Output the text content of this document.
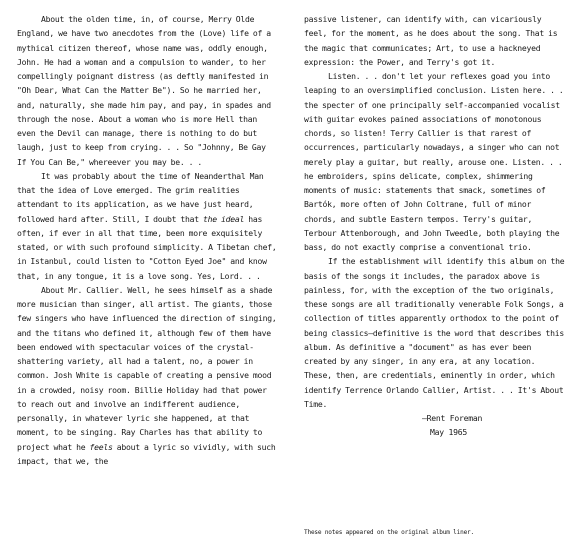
About the olden time, in, of course, Merry Olde England, we have two anecdotes from the (Love) life of a mythical citizen thereof, whose name was, oddly enough, John. He had a woman and a compulsion to wander, to her compellingly poignant distress (as deftly manifested in "Oh Dear, What Can the Matter Be"). So he married her, and, naturally, she made him pay, and pay, in spades and through the nose. About a woman who is more Hell than even the Devil can manage, there is nothing to do but laugh, just to keep from crying. . . So "Johnny, Be Gay If You Can Be," whereever you may be. . .

It was probably about the time of Neanderthal Man that the idea of Love emerged. The grim realities attendant to its application, as we have just heard, followed hard after. Still, I doubt that the ideal has often, if ever in all that time, been more exquisitely stated, or with such profound simplicity. A Tibetan chef, in Istanbul, could listen to "Cotton Eyed Joe" and know that, in any tongue, it is a love song. Yes, Lord. . .

About Mr. Callier. Well, he sees himself as a shade more musician than singer, all artist. The giants, those few singers who have influenced the direction of singing, and the titans who defined it, although few of them have been endowed with spectacular voices of the crystal-shattering variety, all had a talent, no, a power in common. Josh White is capable of creating a pensive mood in a crowded, noisy room. Billie Holiday had that power to reach out and involve an indifferent audience, personally, in whatever lyric she happened, at that moment, to be singing. Ray Charles has that ability to project what he feels about a lyric so vividly, with such impact, that we, the

passive listener, can identify with, can vicariously feel, for the moment, as he does about the song. That is the magic that communicates; Art, to use a hackneyed expression: the Power, and Terry's got it.

Listen. . . don't let your reflexes goad you into leaping to an oversimplified conclusion. Listen here. . . the specter of one principally self-accompanied vocalist with guitar evokes pained associations of monotonous chords, so listen! Terry Callier is that rarest of occurrences, particularly nowadays, a singer who can not merely play a guitar, but really, arouse one. Listen. . . he embroiders, spins delicate, complex, shimmering moments of music: statements that smack, sometimes of Bartók, more often of John Coltrane, full of minor chords, and subtle Eastern tempos. Terry's guitar, Terbour Attenborough, and John Tweedle, both playing the bass, do not exactly comprise a conventional trio.

If the establishment will identify this album on the basis of the songs it includes, the paradox above is painless, for, with the exception of the two originals, these songs are all traditionally venerable Folk Songs, a collection of titles apparently orthodox to the point of being classics—definitive is the word that describes this album. As definitive a "document" as has ever been created by any singer, in any era, at any location. These, then, are credentials, eminently in order, which identify Terrence Orlando Callier, Artist. . . It's About Time.

–Rent Foreman
May 1965
These notes appeared on the original album liner.
